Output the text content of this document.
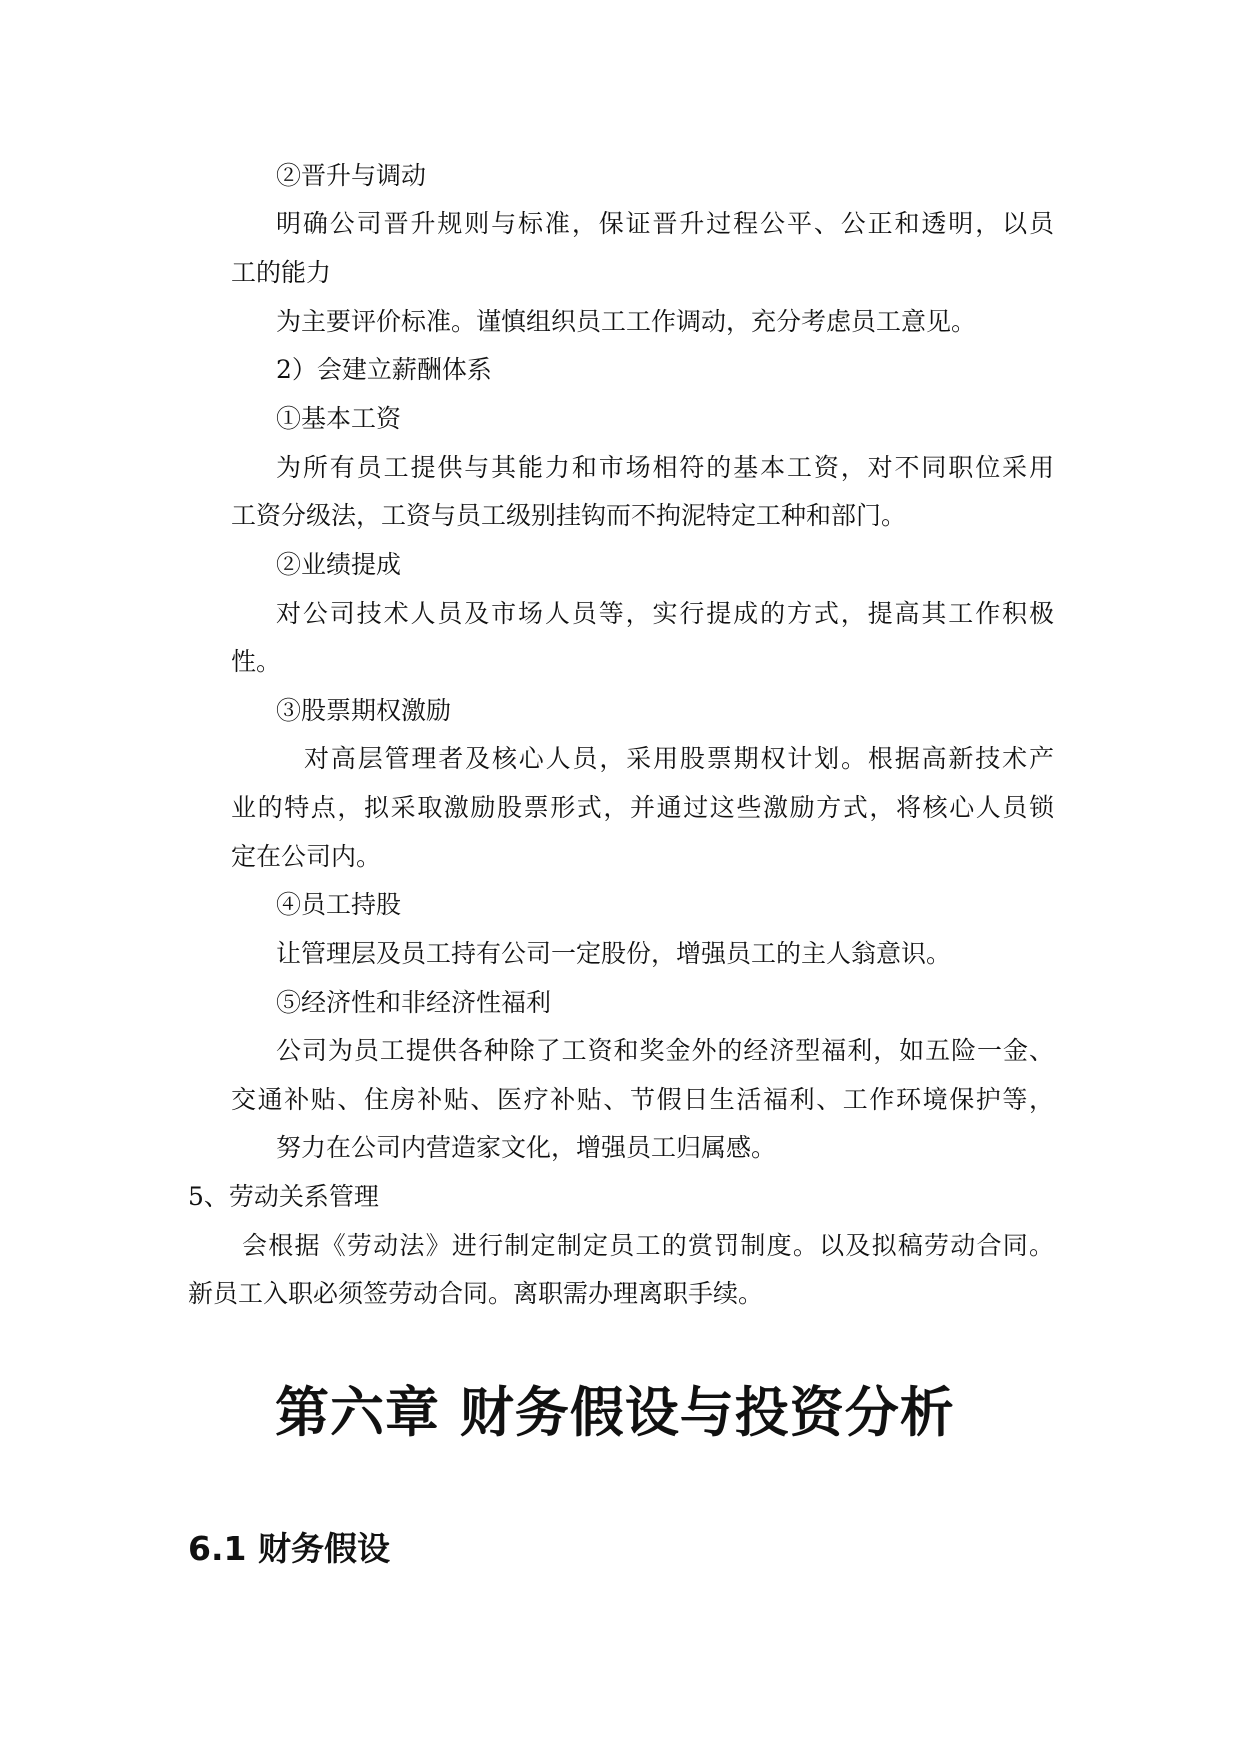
②晋升与调动
明确公司晋升规则与标准，保证晋升过程公平、公正和透明，以员
工的能力
为主要评价标准。谨慎组织员工工作调动，充分考虑员工意见。
2）会建立薪酬体系
①基本工资
为所有员工提供与其能力和市场相符的基本工资，对不同职位采用
工资分级法，工资与员工级别挂钩而不拘泥特定工种和部门。
②业绩提成
对公司技术人员及市场人员等，实行提成的方式，提高其工作积极
性。
③股票期权激励
对高层管理者及核心人员，采用股票期权计划。根据高新技术产
业的特点，拟采取激励股票形式，并通过这些激励方式，将核心人员锁
定在公司内。
④员工持股
让管理层及员工持有公司一定股份，增强员工的主人翁意识。
⑤经济性和非经济性福利
公司为员工提供各种除了工资和奖金外的经济型福利，如五险一金、
交通补贴、住房补贴、医疗补贴、节假日生活福利、工作环境保护等，
努力在公司内营造家文化，增强员工归属感。
5、劳动关系管理
会根据《劳动法》进行制定制定员工的赏罚制度。以及拟稿劳动合同。
新员工入职必须签劳动合同。离职需办理离职手续。
第六章 财务假设与投资分析
6.1 财务假设
